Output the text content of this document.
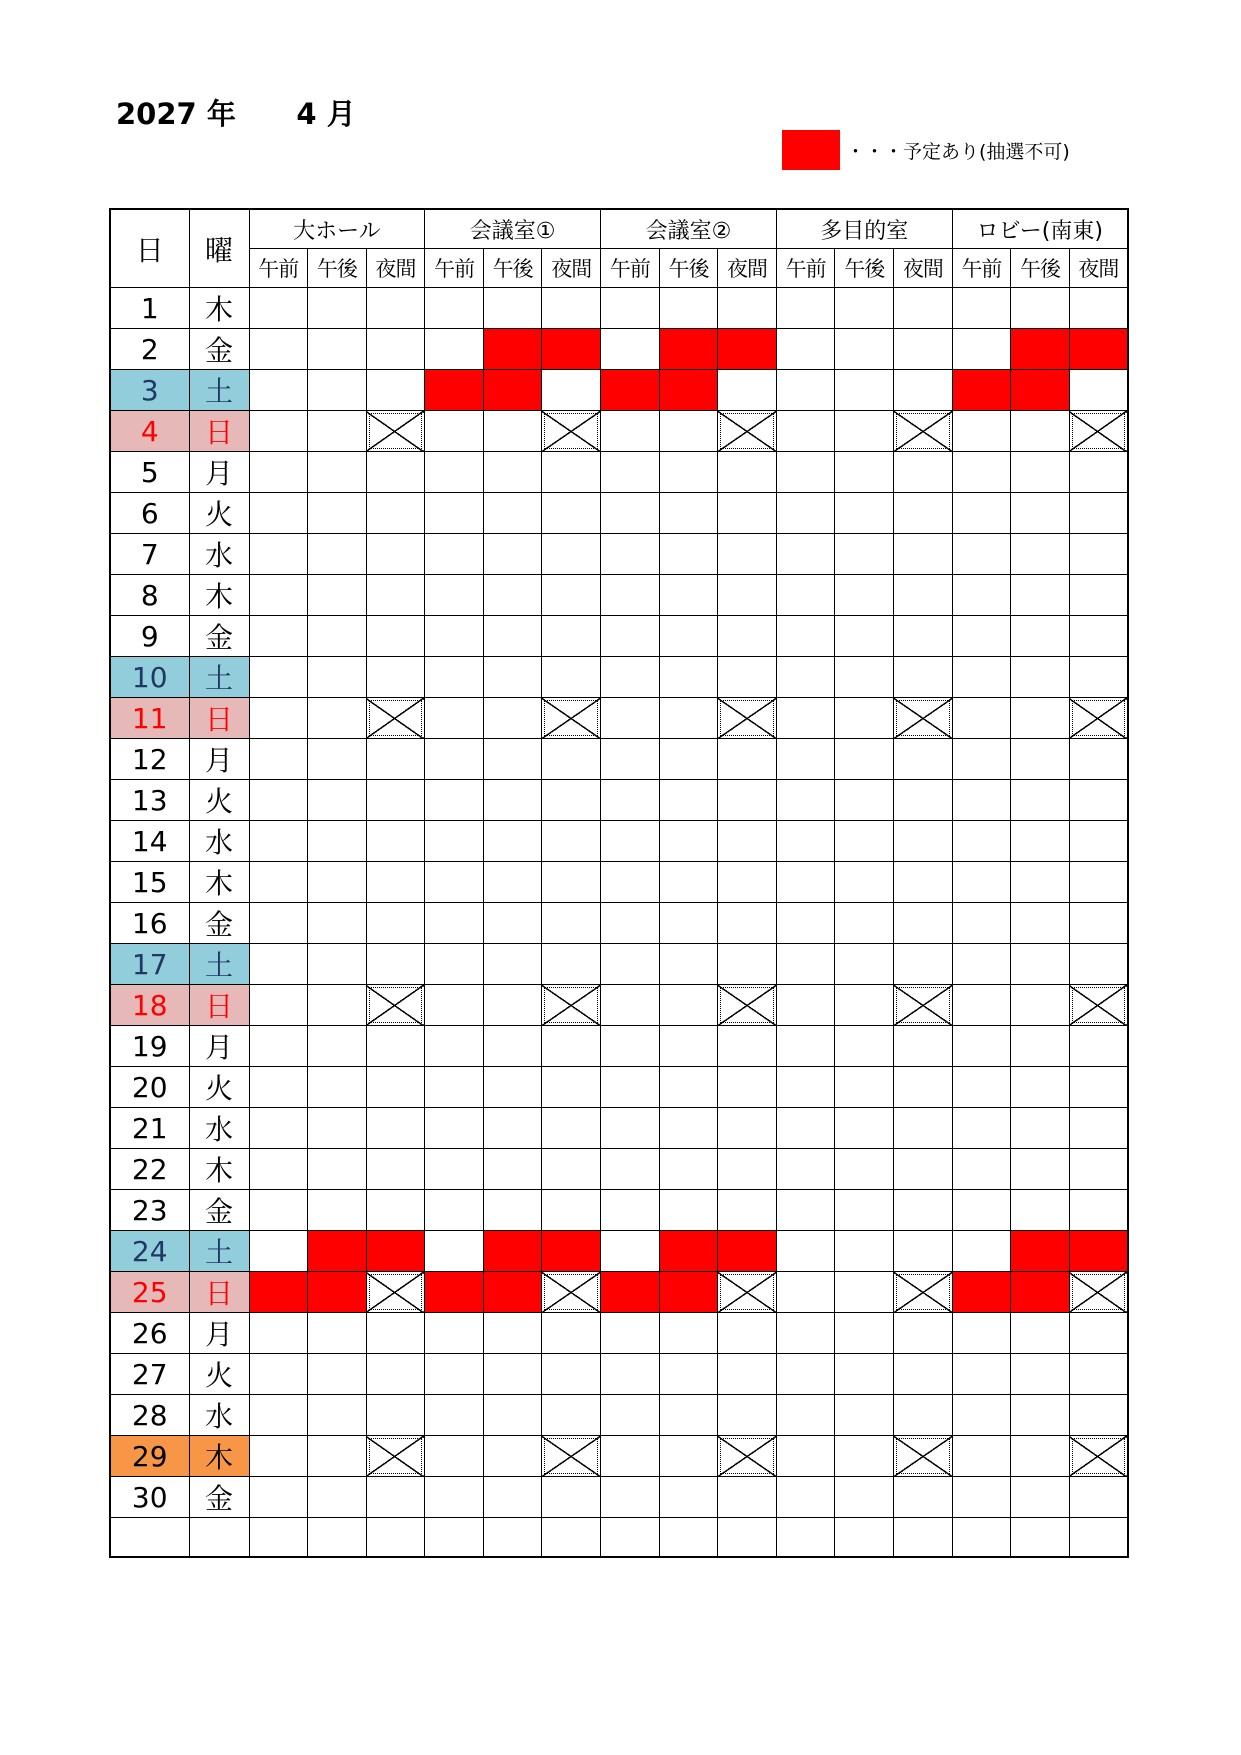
2027 年 4 月
・・・予定あり(抽選不可)
日	曜	大ホール			会議室①			会議室②			多目的室			ロビー(南東)		
		午前	午後	夜間	午前	午後	夜間	午前	午後	夜間	午前	午後	夜間	午前	午後	夜間
1	木															
2	金															
3	土															
4	日															
5	月															
6	火															
7	水															
8	木															
9	金															
10	土															
11	日															
12	月															
13	火															
14	水															
15	木															
16	金															
17	土															
18	日															
19	月															
20	火															
21	水															
22	木															
23	金															
24	土															
25	日															
26	月															
27	火															
28	水															
29	木															
30	金															
